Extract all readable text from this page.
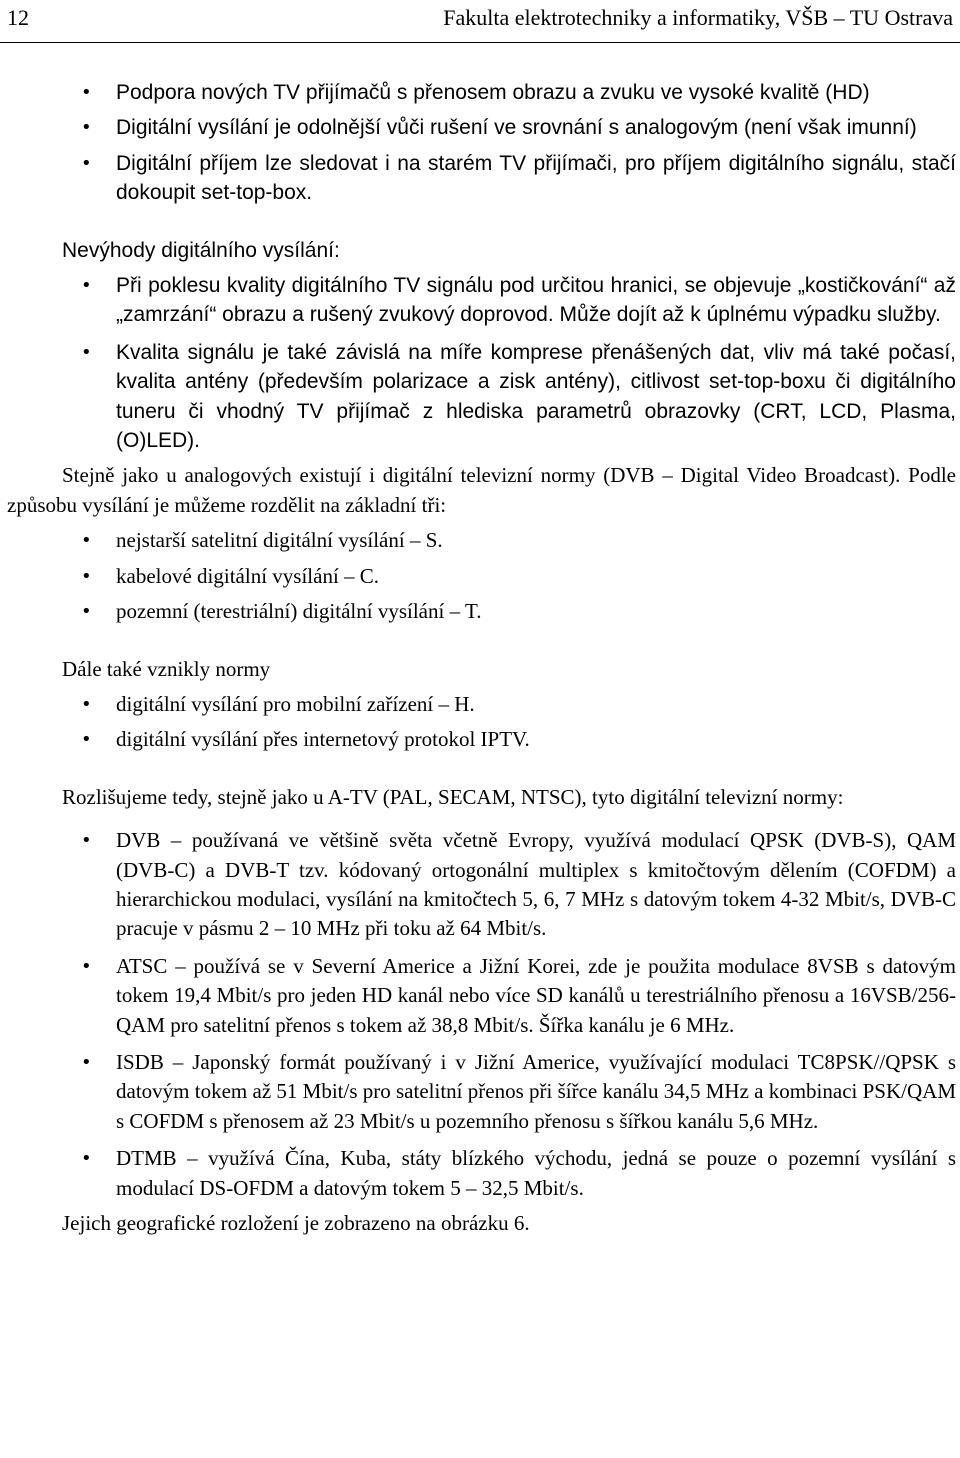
12	Fakulta elektrotechniky a informatiky, VŠB – TU Ostrava
• Podpora nových TV přijímačů s přenosem obrazu a zvuku ve vysoké kvalitě (HD)
• Digitální vysílání je odolnější vůči rušení ve srovnání s analogovým (není však imunní)
• Digitální příjem lze sledovat i na starém TV přijímači, pro příjem digitálního signálu, stačí dokoupit set-top-box.

Nevýhody digitálního vysílání:

• Při poklesu kvality digitálního TV signálu pod určitou hranici, se objevuje „kostičkování“ až „zamrzání“ obrazu a rušený zvukový doprovod. Může dojít až k úplnému výpadku služby.
• Kvalita signálu je také závislá na míře komprese přenášených dat, vliv má také počasí, kvalita antény (především polarizace a zisk antény), citlivost set-top-boxu či digitálního tuneru či vhodný TV přijímač z hlediska parametrů obrazovky (CRT, LCD, Plasma, (O)LED).

Stejně jako u analogových existují i digitální televizní normy (DVB – Digital Video Broadcast). Podle způsobu vysílání je můžeme rozdělit na základní tři:

• nejstarší satelitní digitální vysílání – S.
• kabelové digitální vysílání – C.
• pozemní (terestriální) digitální vysílání – T.

Dále také vznikly normy

• digitální vysílání pro mobilní zařízení – H.
• digitální vysílání přes internetový protokol IPTV.

Rozlišujeme tedy, stejně jako u A-TV (PAL, SECAM, NTSC), tyto digitální televizní normy:

• DVB – používaná ve většině světa včetně Evropy, využívá modulací QPSK (DVB-S), QAM (DVB-C) a DVB-T tzv. kódovaný ortogonální multiplex s kmitočtovým dělením (COFDM) a hierarchickou modulaci, vysílání na kmitočtech 5, 6, 7 MHz s datovým tokem 4-32 Mbit/s, DVB-C pracuje v pásmu 2 – 10 MHz při toku až 64 Mbit/s.
• ATSC – používá se v Severní Americe a Jižní Korei, zde je použita modulace 8VSB s datovým tokem 19,4 Mbit/s pro jeden HD kanál nebo více SD kanálů u terestriálního přenosu a 16VSB/256-QAM pro satelitní přenos s tokem až 38,8 Mbit/s. Šířka kanálu je 6 MHz.
• ISDB – Japonský formát používaný i v Jižní Americe, využívající modulaci TC8PSK//QPSK s datovým tokem až 51 Mbit/s pro satelitní přenos při šířce kanálu 34,5 MHz a kombinaci PSK/QAM s COFDM s přenosem až 23 Mbit/s u pozemního přenosu s šířkou kanálu 5,6 MHz.
• DTMB – využívá Čína, Kuba, státy blízkého východu, jedná se pouze o pozemní vysílání s modulací DS-OFDM a datovým tokem 5 – 32,5 Mbit/s.

Jejich geografické rozložení je zobrazeno na obrázku 6.
